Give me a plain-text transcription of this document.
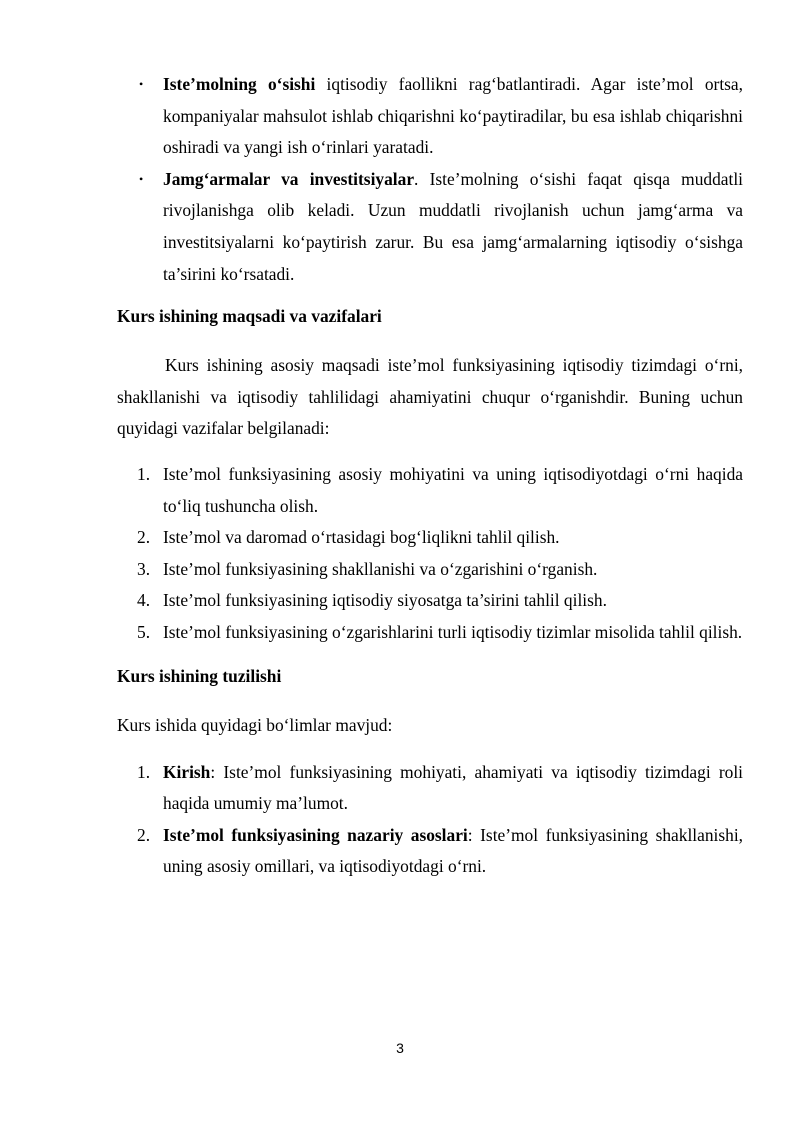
• Iste’molning o‘sishi iqtisodiy faollikni rag‘batlantiradi. Agar iste’mol ortsa, kompaniyalar mahsulot ishlab chiqarishni ko‘paytiradilar, bu esa ishlab chiqarishni oshiradi va yangi ish o‘rinlari yaratadi.
• Jamg‘armalar va investitsiyalar. Iste’molning o‘sishi faqat qisqa muddatli rivojlanishga olib keladi. Uzun muddatli rivojlanish uchun jamg‘arma va investitsiyalarni ko‘paytirish zarur. Bu esa jamg‘armalarning iqtisodiy o‘sishga ta’sirini ko‘rsatadi.

Kurs ishining maqsadi va vazifalari

Kurs ishining asosiy maqsadi iste’mol funksiyasining iqtisodiy tizimdagi o‘rni, shakllanishi va iqtisodiy tahlilidagi ahamiyatini chuqur o‘rganishdir. Buning uchun quyidagi vazifalar belgilanadi:

1. Iste’mol funksiyasining asosiy mohiyatini va uning iqtisodiyotdagi o‘rni haqida to‘liq tushuncha olish.
2. Iste’mol va daromad o‘rtasidagi bog‘liqlikni tahlil qilish.
3. Iste’mol funksiyasining shakllanishi va o‘zgarishini o‘rganish.
4. Iste’mol funksiyasining iqtisodiy siyosatga ta’sirini tahlil qilish.
5. Iste’mol funksiyasining o‘zgarishlarini turli iqtisodiy tizimlar misolida tahlil qilish.

Kurs ishining tuzilishi

Kurs ishida quyidagi bo‘limlar mavjud:

1. Kirish: Iste’mol funksiyasining mohiyati, ahamiyati va iqtisodiy tizimdagi roli haqida umumiy ma’lumot.
2. Iste’mol funksiyasining nazariy asoslari: Iste’mol funksiyasining shakllanishi, uning asosiy omillari, va iqtisodiyotdagi o‘rni.
3
